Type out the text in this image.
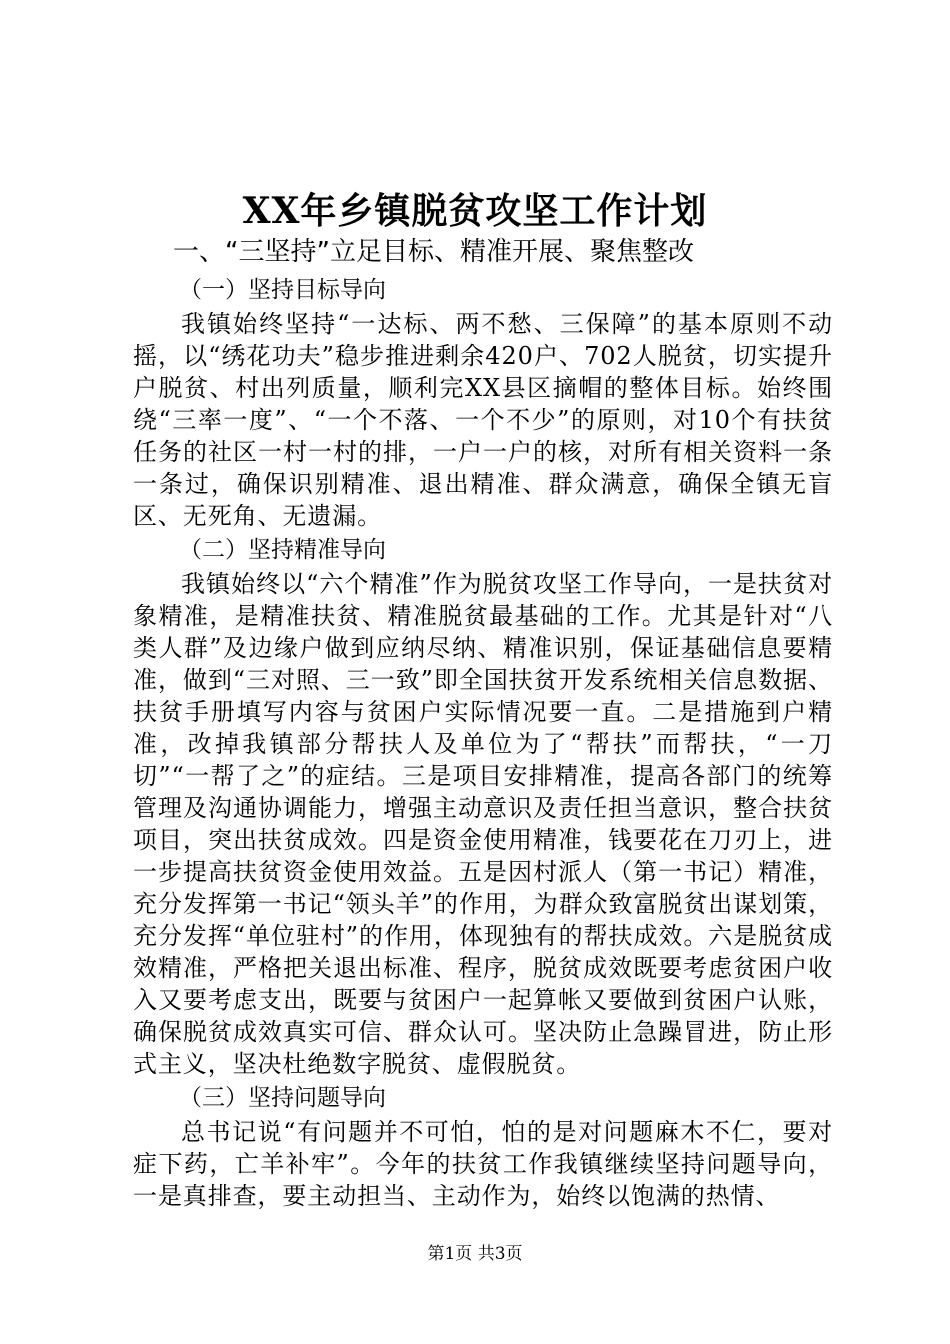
XX年乡镇脱贫攻坚工作计划
一、“三坚持”立足目标、精准开展、聚焦整改
（一）坚持目标导向

我镇始终坚持“一达标、两不愁、三保障”的基本原则不动摇，以“绣花功夫”稳步推进剩余420户、702人脱贫，切实提升户脱贫、村出列质量，顺利完XX县区摘帽的整体目标。始终围绕“三率一度”、“一个不落、一个不少”的原则，对10个有扶贫任务的社区一村一村的排，一户一户的核，对所有相关资料一条一条过，确保识别精准、退出精准、群众满意，确保全镇无盲区、无死角、无遗漏。

（二）坚持精准导向

我镇始终以“六个精准”作为脱贫攻坚工作导向，一是扶贫对象精准，是精准扶贫、精准脱贫最基础的工作。尤其是针对“八类人群”及边缘户做到应纳尽纳、精准识别，保证基础信息要精准，做到“三对照、三一致”即全国扶贫开发系统相关信息数据、扶贫手册填写内容与贫困户实际情况要一直。二是措施到户精准，改掉我镇部分帮扶人及单位为了“帮扶”而帮扶，“一刀切”“一帮了之”的症结。三是项目安排精准，提高各部门的统筹管理及沟通协调能力，增强主动意识及责任担当意识，整合扶贫项目，突出扶贫成效。四是资金使用精准，钱要花在刀刃上，进一步提高扶贫资金使用效益。五是因村派人（第一书记）精准，充分发挥第一书记“领头羊”的作用，为群众致富脱贫出谋划策，充分发挥“单位驻村”的作用，体现独有的帮扶成效。六是脱贫成效精准，严格把关退出标准、程序，脱贫成效既要考虑贫困户收入又要考虑支出，既要与贫困户一起算帐又要做到贫困户认账，确保脱贫成效真实可信、群众认可。坚决防止急躁冒进，防止形式主义，坚决杜绝数字脱贫、虚假脱贫。

（三）坚持问题导向

总书记说“有问题并不可怕，怕的是对问题麻木不仁，要对症下药，亡羊补牢”。今年的扶贫工作我镇继续坚持问题导向，一是真排查，要主动担当、主动作为，始终以饱满的热情、

第1页 共3页
